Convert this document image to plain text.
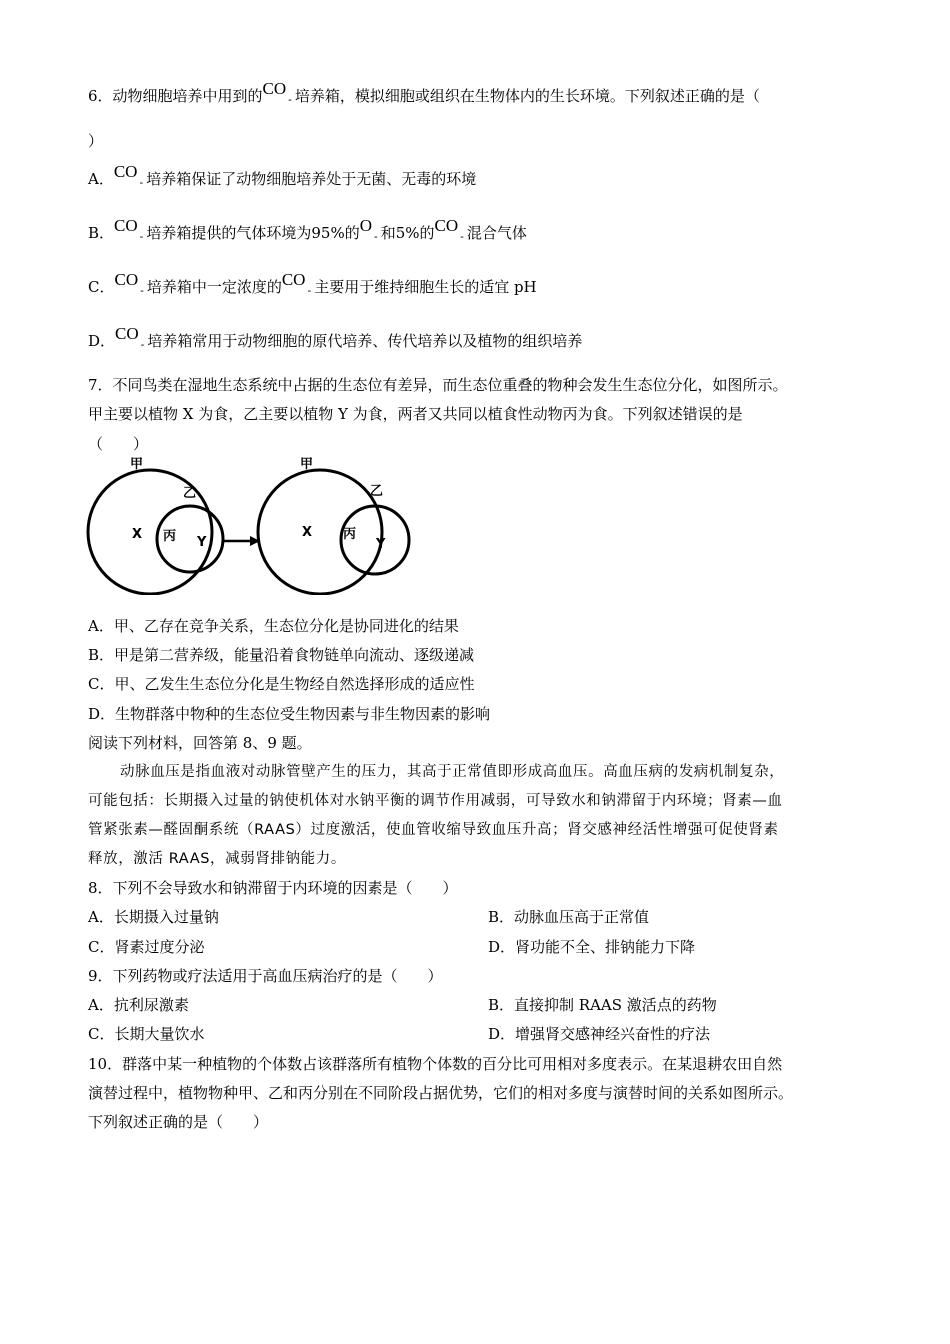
6．动物细胞培养中用到的CO- 培养箱，模拟细胞或组织在生物体内的生长环境。下列叙述正确的是（
）
A．CO- 培养箱保证了动物细胞培养处于无菌、无毒的环境
B．CO- 培养箱提供的气体环境为95%的O- 和5%的CO- 混合气体
C．CO- 培养箱中一定浓度的CO- 主要用于维持细胞生长的适宜 pH
D．CO- 培养箱常用于动物细胞的原代培养、传代培养以及植物的组织培养
7．不同鸟类在湿地生态系统中占据的生态位有差异，而生态位重叠的物种会发生生态位分化，如图所示。
甲主要以植物 X 为食，乙主要以植物 Y 为食，两者又共同以植食性动物丙为食。下列叙述错误的是
（　　）
甲
乙
X 丙 Y
甲
乙
X 丙
Y
A．甲、乙存在竞争关系，生态位分化是协同进化的结果
B．甲是第二营养级，能量沿着食物链单向流动、逐级递减
C．甲、乙发生生态位分化是生物经自然选择形成的适应性
D．生物群落中物种的生态位受生物因素与非生物因素的影响
阅读下列材料，回答第 8、9 题。
动脉血压是指血液对动脉管壁产生的压力，其高于正常值即形成高血压。高血压病的发病机制复杂，
可能包括：长期摄入过量的钠使机体对水钠平衡的调节作用减弱，可导致水和钠滞留于内环境；肾素—血
管紧张素—醛固酮系统（RAAS）过度激活，使血管收缩导致血压升高；肾交感神经活性增强可促使肾素
释放，激活 RAAS，减弱肾排钠能力。
8．下列不会导致水和钠滞留于内环境的因素是（　　）
A．长期摄入过量钠	B．动脉血压高于正常值
C．肾素过度分泌	D．肾功能不全、排钠能力下降
9．下列药物或疗法适用于高血压病治疗的是（　　）
A．抗利尿激素	B．直接抑制 RAAS 激活点的药物
C．长期大量饮水	D．增强肾交感神经兴奋性的疗法
10．群落中某一种植物的个体数占该群落所有植物个体数的百分比可用相对多度表示。在某退耕农田自然
演替过程中，植物物种甲、乙和丙分别在不同阶段占据优势，它们的相对多度与演替时间的关系如图所示。
下列叙述正确的是（　　）
